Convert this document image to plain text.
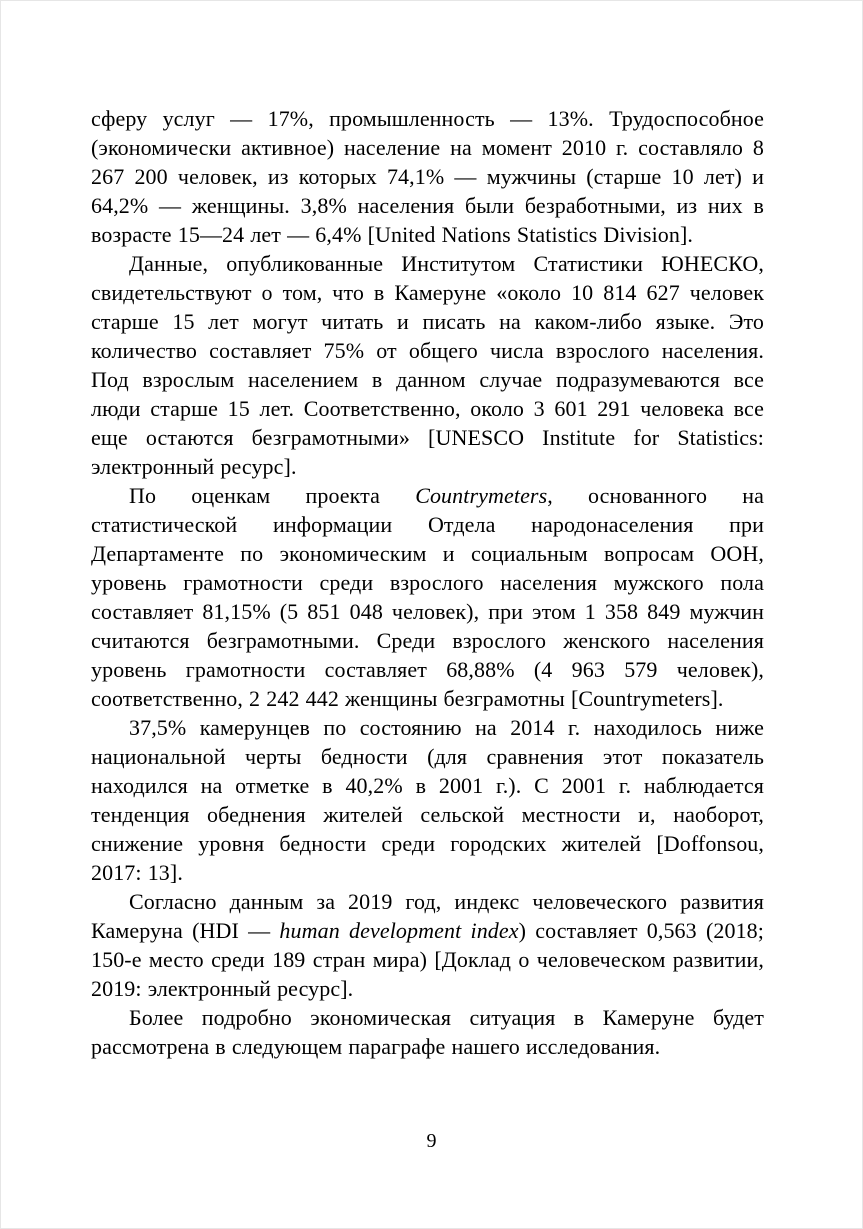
сферу услуг — 17%, промышленность — 13%. Трудоспособное (экономически активное) население на момент 2010 г. составляло 8 267 200 человек, из которых 74,1% — мужчины (старше 10 лет) и 64,2% — женщины. 3,8% населения были безработными, из них в возрасте 15—24 лет — 6,4% [United Nations Statistics Division].

Данные, опубликованные Институтом Статистики ЮНЕСКО, свидетельствуют о том, что в Камеруне «около 10 814 627 человек старше 15 лет могут читать и писать на каком-либо языке. Это количество составляет 75% от общего числа взрослого населения. Под взрослым населением в данном случае подразумеваются все люди старше 15 лет. Соответственно, около 3 601 291 человека все еще остаются безграмотными» [UNESCO Institute for Statistics: электронный ресурс].

По оценкам проекта Countrymeters, основанного на статистической информации Отдела народонаселения при Департаменте по экономическим и социальным вопросам ООН, уровень грамотности среди взрослого населения мужского пола составляет 81,15% (5 851 048 человек), при этом 1 358 849 мужчин считаются безграмотными. Среди взрослого женского населения уровень грамотности составляет 68,88% (4 963 579 человек), соответственно, 2 242 442 женщины безграмотны [Countrymeters].

37,5% камерунцев по состоянию на 2014 г. находилось ниже национальной черты бедности (для сравнения этот показатель находился на отметке в 40,2% в 2001 г.). С 2001 г. наблюдается тенденция обеднения жителей сельской местности и, наоборот, снижение уровня бедности среди городских жителей [Doffonsou, 2017: 13].

Согласно данным за 2019 год, индекс человеческого развития Камеруна (HDI — human development index) составляет 0,563 (2018; 150-е место среди 189 стран мира) [Доклад о человеческом развитии, 2019: электронный ресурс].

Более подробно экономическая ситуация в Камеруне будет рассмотрена в следующем параграфе нашего исследования.

9
